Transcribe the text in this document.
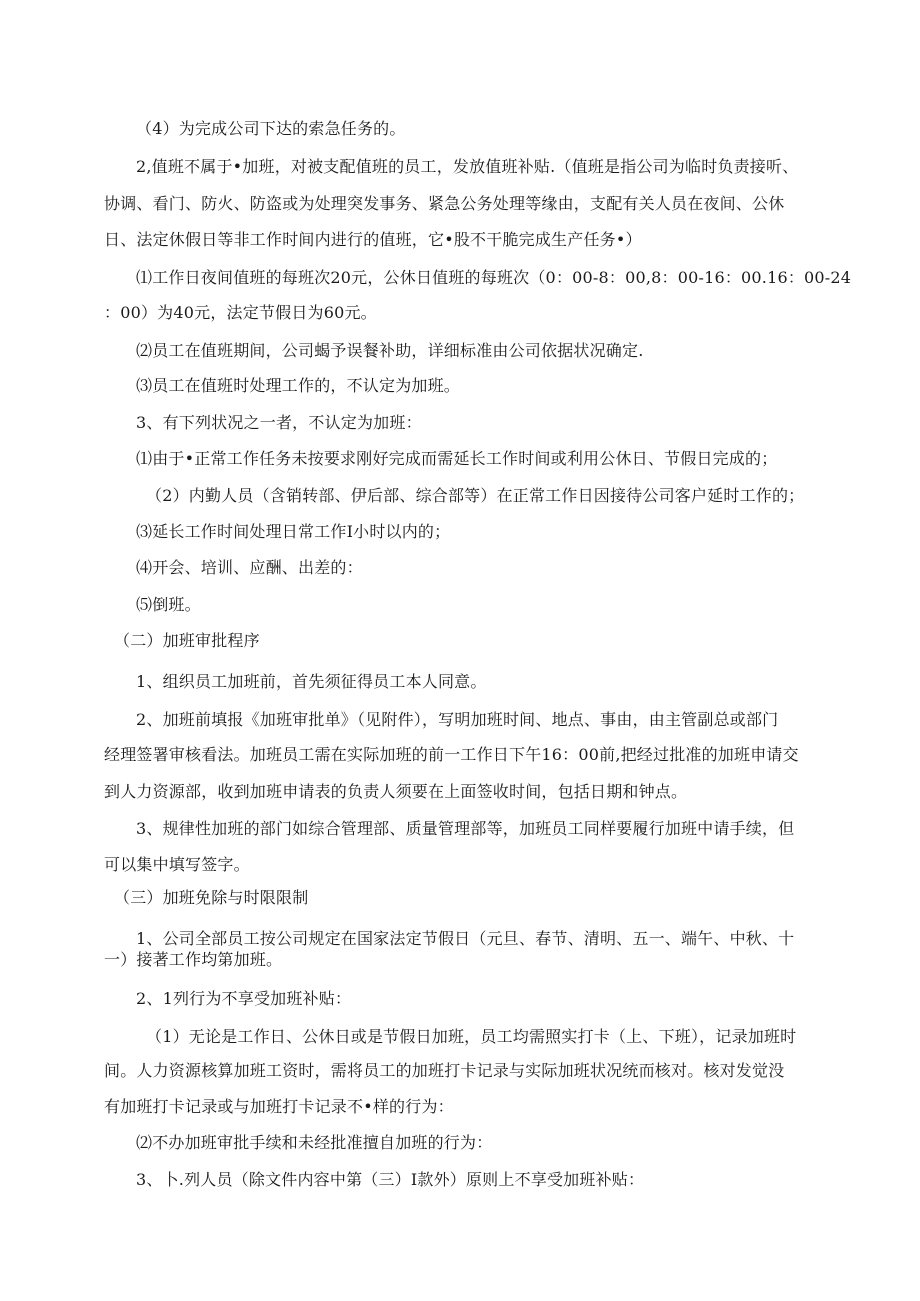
（4）为完成公司下达的索急任务的。
2,值班不属于•加班，对被支配值班的员工，发放值班补贴.（值班是指公司为临时负责接听、
协调、看门、防火、防盗或为处理突发事务、紧急公务处理等缘由，支配有关人员在夜间、公休
日、法定休假日等非工作时间内进行的值班，它•股不干脆完成生产任务•）
⑴工作日夜间值班的每班次20元，公休日值班的每班次（0：00-8：00,8：00-16：00.16：00-24
：00）为40元，法定节假日为60元。
⑵员工在值班期间，公司蝎予误餐补助，详细标准由公司依据状况确定.
⑶员工在值班时处理工作的，不认定为加班。
3、有下列状况之一者，不认定为加班：
⑴由于•正常工作任务未按要求刚好完成而需延长工作时间或利用公休日、节假日完成的；
（2）内勤人员（含销转部、伊后部、综合部等）在正常工作日因接待公司客户延时工作的；
⑶延长工作时间处理日常工作I小时以内的；
⑷开会、培训、应酬、出差的：
⑸倒班。
（二）加班审批程序
1、组织员工加班前，首先须征得员工本人同意。
2、加班前填报《加班审批单》（见附件），写明加班时间、地点、事由，由主管副总或部门
经理签署审核看法。加班员工需在实际加班的前一工作日下午16：00前,把经过批准的加班申请交
到人力资源部，收到加班申请表的负责人须要在上面签收时间，包括日期和钟点。
3、规律性加班的部门如综合管理部、质量管理部等，加班员工同样要履行加班中请手续，但
可以集中填写签字。
（三）加班免除与时限限制
1、公司全部员工按公司规定在国家法定节假日（元旦、春节、清明、五一、端午、中秋、十
一）接著工作均第加班。
2、1列行为不享受加班补贴：
（1）无论是工作日、公休日或是节假日加班，员工均需照实打卡（上、下班），记录加班时
间。人力资源核算加班工资时，需将员工的加班打卡记录与实际加班状况统而核对。核对发觉没
有加班打卡记录或与加班打卡记录不•样的行为：
⑵不办加班审批手续和未经批准擅自加班的行为：
3、卜.列人员（除文件内容中第（三）I款外）原则上不享受加班补贴：
